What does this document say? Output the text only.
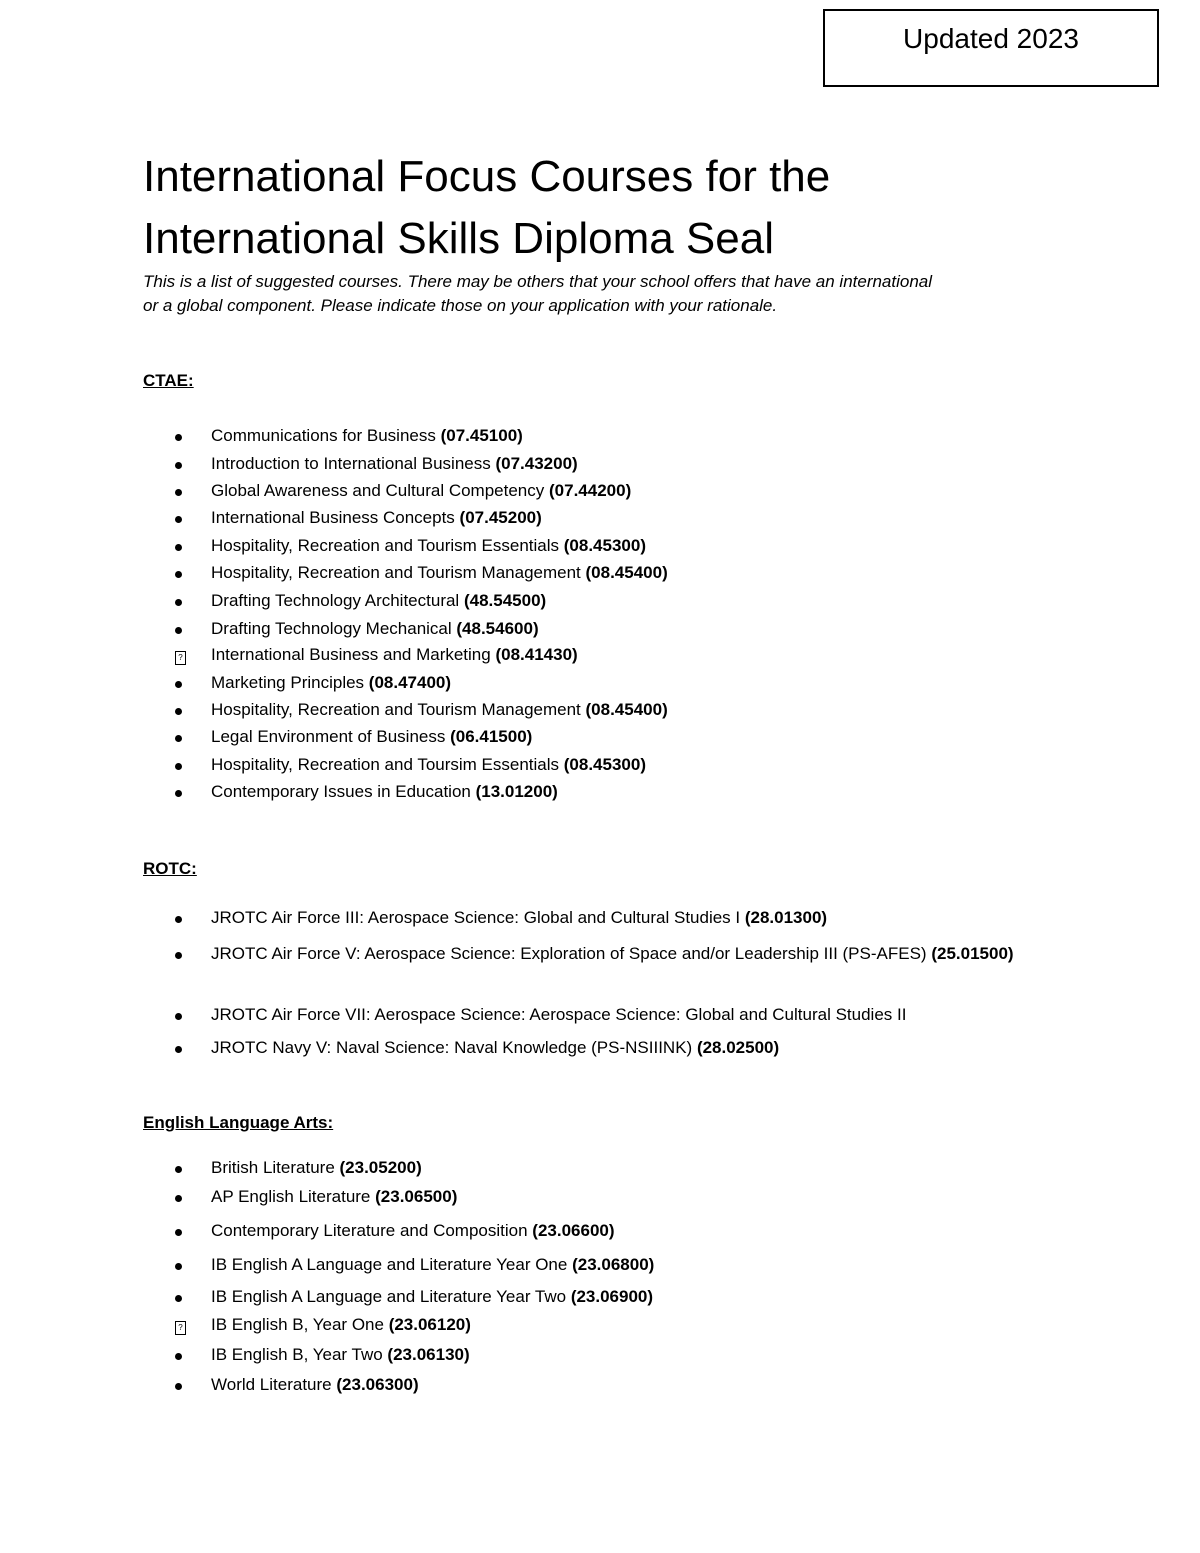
Updated 2023
International Focus Courses for the
International Skills Diploma Seal

This is a list of suggested courses. There may be others that your school offers that have an international
or a global component. Please indicate those on your application with your rationale.

CTAE:
Communications for Business (07.45100)
Introduction to International Business (07.43200)
Global Awareness and Cultural Competency (07.44200)
International Business Concepts (07.45200)
Hospitality, Recreation and Tourism Essentials (08.45300)
Hospitality, Recreation and Tourism Management (08.45400)
Drafting Technology Architectural (48.54500)
Drafting Technology Mechanical (48.54600)
?	International Business and Marketing (08.41430)
Marketing Principles (08.47400)
Hospitality, Recreation and Tourism Management (08.45400)
Legal Environment of Business (06.41500)
Hospitality, Recreation and Toursim Essentials (08.45300)
Contemporary Issues in Education (13.01200)
ROTC:
JROTC Air Force III: Aerospace Science: Global and Cultural Studies I (28.01300)
JROTC Air Force V: Aerospace Science: Exploration of Space and/or Leadership III (PS-AFES) (25.01500)
JROTC Air Force VII: Aerospace Science: Aerospace Science: Global and Cultural Studies II
JROTC Navy V: Naval Science: Naval Knowledge (PS-NSIIINK) (28.02500)
English Language Arts:
British Literature (23.05200)
AP English Literature (23.06500)
Contemporary Literature and Composition (23.06600)
IB English A Language and Literature Year One (23.06800)
IB English A Language and Literature Year Two (23.06900)
?	IB English B, Year One (23.06120)
IB English B, Year Two (23.06130)
World Literature (23.06300)
